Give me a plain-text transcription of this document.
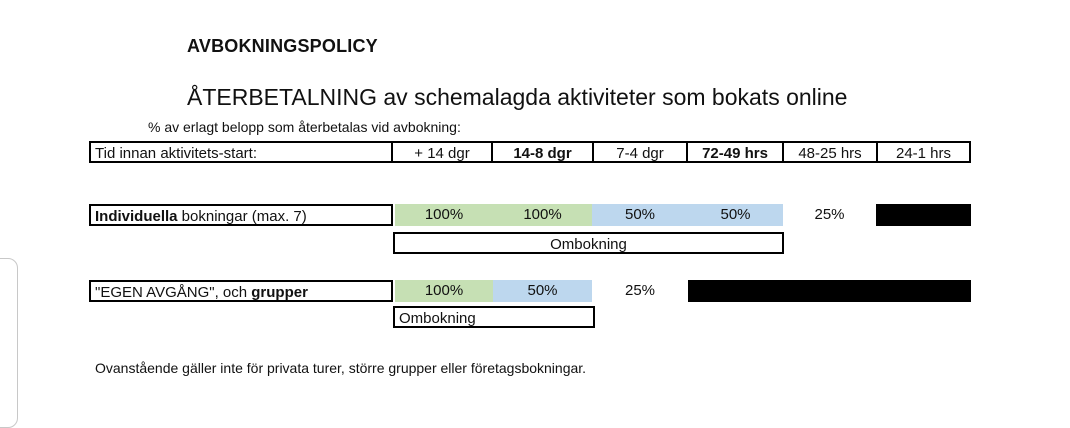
AVBOKNINGSPOLICY
ÅTERBETALNING av schemalagda aktiviteter som bokats online
% av erlagt belopp som återbetalas vid avbokning:
Tid innan aktivitets-start:	+ 14 dgr	14-8 dgr	7-4 dgr	72-49 hrs	48-25 hrs	24-1 hrs
Individuella bokningar (max. 7)	100%	100%	50%	50%	25%
Ombokning
"EGEN AVGÅNG", och grupper	100%	50%	25%
Ombokning
Ovanstående gäller inte för privata turer, större grupper eller företagsbokningar.
